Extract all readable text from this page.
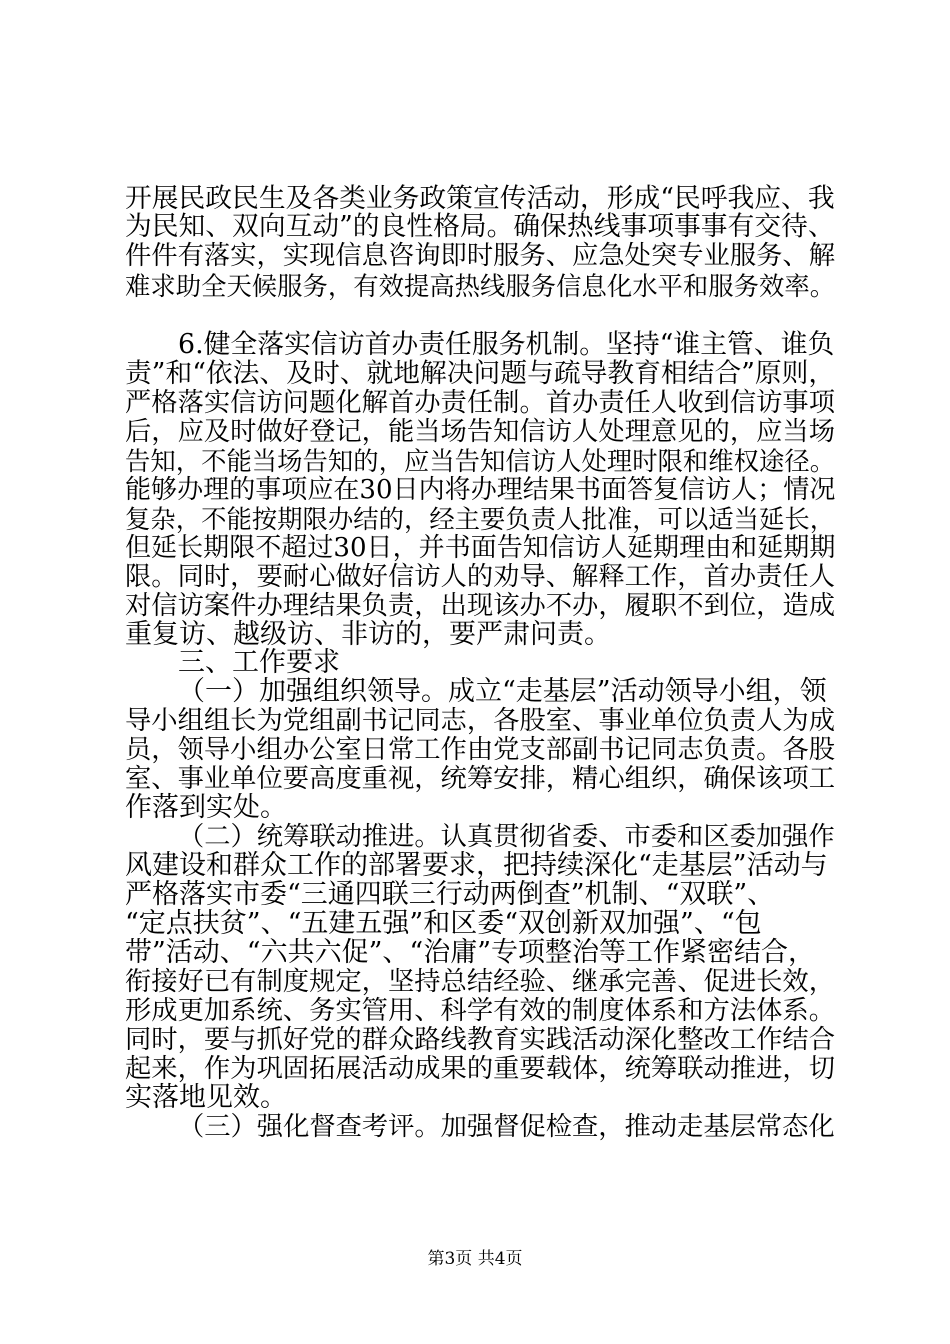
开展民政民生及各类业务政策宣传活动，形成“民呼我应、我
为民知、双向互动”的良性格局。确保热线事项事事有交待、
件件有落实，实现信息咨询即时服务、应急处突专业服务、解
难求助全天候服务，有效提高热线服务信息化水平和服务效率。
6.健全落实信访首办责任服务机制。坚持“谁主管、谁负
责”和“依法、及时、就地解决问题与疏导教育相结合”原则，
严格落实信访问题化解首办责任制。首办责任人收到信访事项
后，应及时做好登记，能当场告知信访人处理意见的，应当场
告知，不能当场告知的，应当告知信访人处理时限和维权途径。
能够办理的事项应在30日内将办理结果书面答复信访人；情况
复杂，不能按期限办结的，经主要负责人批准，可以适当延长，
但延长期限不超过30日，并书面告知信访人延期理由和延期期
限。同时，要耐心做好信访人的劝导、解释工作，首办责任人
对信访案件办理结果负责，出现该办不办，履职不到位，造成
重复访、越级访、非访的，要严肃问责。
三、工作要求
（一）加强组织领导。成立“走基层”活动领导小组，领
导小组组长为党组副书记同志，各股室、事业单位负责人为成
员，领导小组办公室日常工作由党支部副书记同志负责。各股
室、事业单位要高度重视，统筹安排，精心组织，确保该项工
作落到实处。
（二）统筹联动推进。认真贯彻省委、市委和区委加强作
风建设和群众工作的部署要求，把持续深化“走基层”活动与
严格落实市委“三通四联三行动两倒查”机制、“双联”、
“定点扶贫”、“五建五强”和区委“双创新双加强”、“包
带”活动、“六共六促”、“治庸”专项整治等工作紧密结合，
衔接好已有制度规定，坚持总结经验、继承完善、促进长效，
形成更加系统、务实管用、科学有效的制度体系和方法体系。
同时，要与抓好党的群众路线教育实践活动深化整改工作结合
起来，作为巩固拓展活动成果的重要载体，统筹联动推进，切
实落地见效。
（三）强化督查考评。加强督促检查，推动走基层常态化
第3页 共4页
